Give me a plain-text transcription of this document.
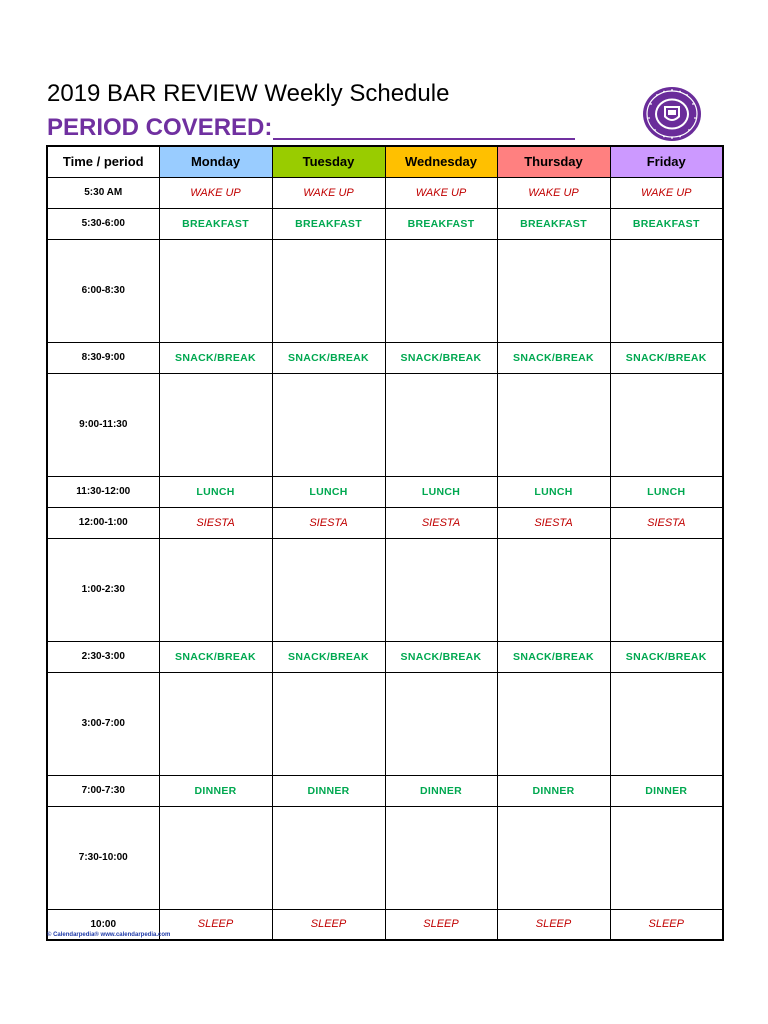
2019 BAR REVIEW Weekly Schedule
PERIOD COVERED:
Time / period	Monday	Tuesday	Wednesday	Thursday	Friday
5:30 AM	WAKE UP	WAKE UP	WAKE UP	WAKE UP	WAKE UP
5:30-6:00	BREAKFAST	BREAKFAST	BREAKFAST	BREAKFAST	BREAKFAST
6:00-8:30					
8:30-9:00	SNACK/BREAK	SNACK/BREAK	SNACK/BREAK	SNACK/BREAK	SNACK/BREAK
9:00-11:30					
11:30-12:00	LUNCH	LUNCH	LUNCH	LUNCH	LUNCH
12:00-1:00	SIESTA	SIESTA	SIESTA	SIESTA	SIESTA
1:00-2:30					
2:30-3:00	SNACK/BREAK	SNACK/BREAK	SNACK/BREAK	SNACK/BREAK	SNACK/BREAK
3:00-7:00					
7:00-7:30	DINNER	DINNER	DINNER	DINNER	DINNER
7:30-10:00					
10:00	SLEEP	SLEEP	SLEEP	SLEEP	SLEEP
© Calendarpedia® www.calendarpedia.com
